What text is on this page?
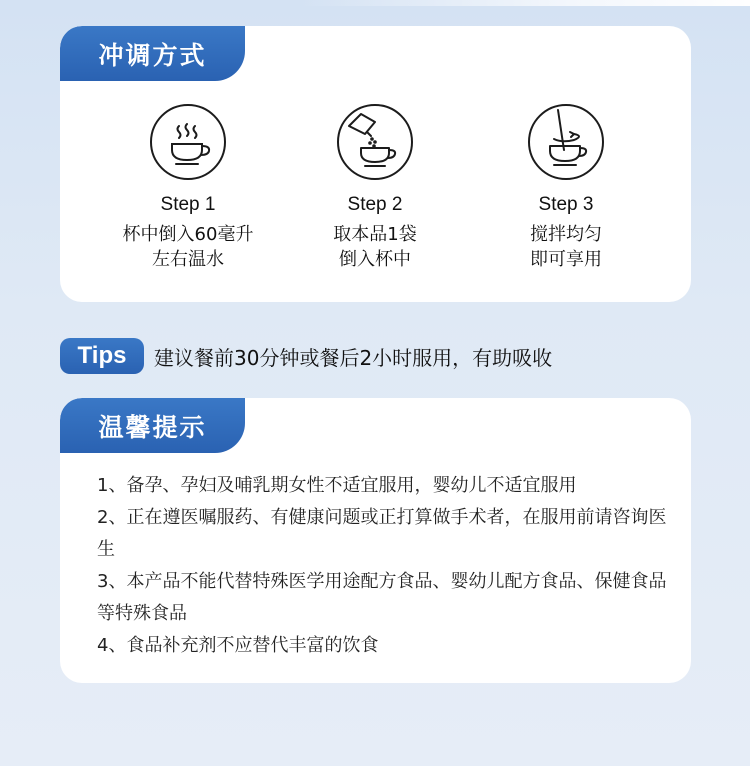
冲调方式
Step 1
杯中倒入60毫升
左右温水
Step 2
取本品1袋
倒入杯中
Step 3
搅拌均匀
即可享用
Tips	建议餐前30分钟或餐后2小时服用，有助吸收
温馨提示

1、备孕、孕妇及哺乳期女性不适宜服用，婴幼儿不适宜服用

2、正在遵医嘱服药、有健康问题或正打算做手术者，在服用前请咨询医生

3、本产品不能代替特殊医学用途配方食品、婴幼儿配方食品、保健食品等特殊食品

4、食品补充剂不应替代丰富的饮食
